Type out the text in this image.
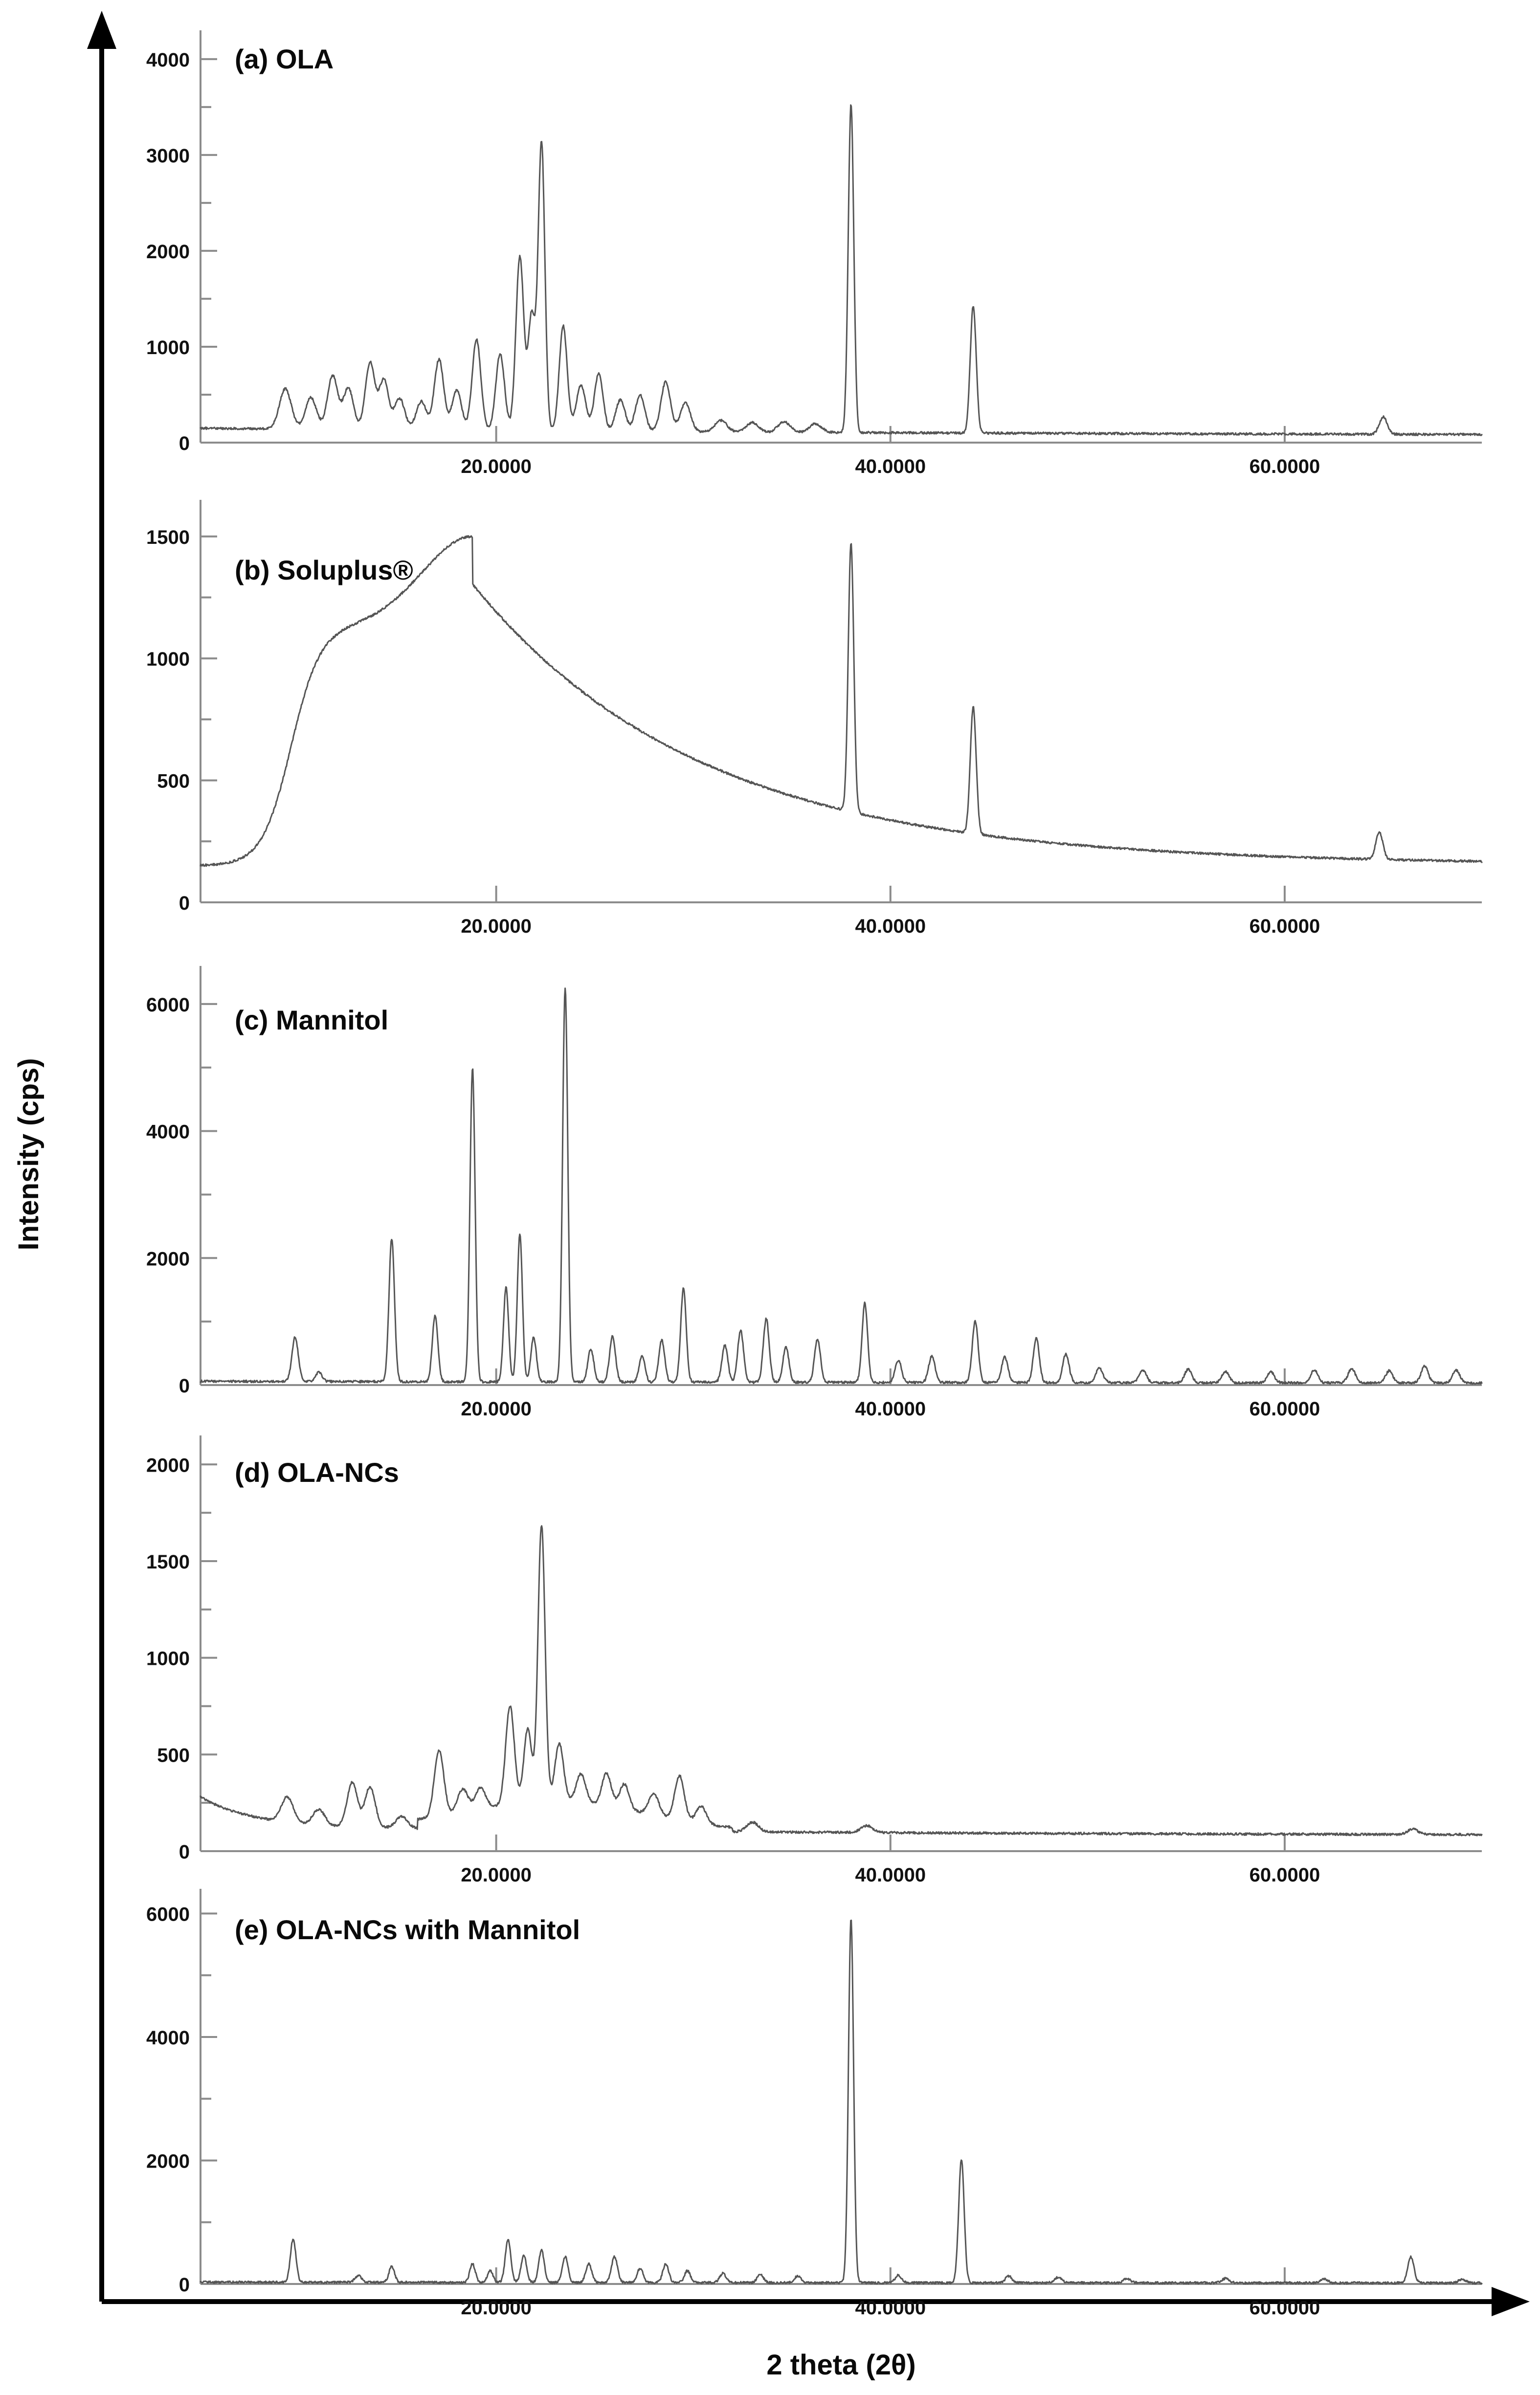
Intensity (cps)
2 theta (2θ)
0
1000
2000
3000
4000
20.0000	40.0000	60.0000
(a) OLA
0
500
1000
1500
20.0000	40.0000	60.0000
(b) Soluplus®
0
2000
4000
6000
20.0000	40.0000	60.0000
(c) Mannitol
0
500
1000
1500
2000
20.0000	40.0000	60.0000
(d) OLA-NCs
0
2000
4000
6000
20.0000	40.0000	60.0000
(e) OLA-NCs with Mannitol
